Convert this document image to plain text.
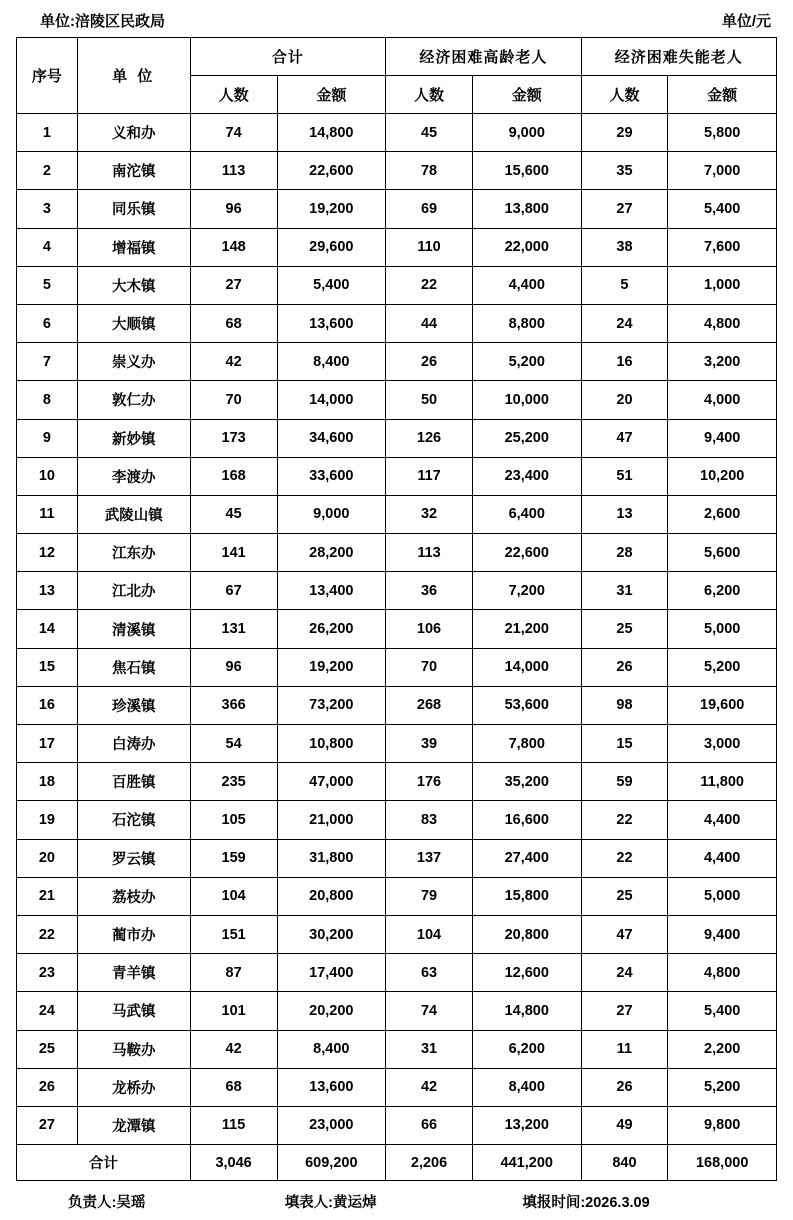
单位:涪陵区民政局	单位/元
序号	单 位	合计		经济困难高龄老人		经济困难失能老人	
		人数	金额	人数	金额	人数	金额
1	义和办	74	14,800	45	9,000	29	5,800
2	南沱镇	113	22,600	78	15,600	35	7,000
3	同乐镇	96	19,200	69	13,800	27	5,400
4	增福镇	148	29,600	110	22,000	38	7,600
5	大木镇	27	5,400	22	4,400	5	1,000
6	大顺镇	68	13,600	44	8,800	24	4,800
7	崇义办	42	8,400	26	5,200	16	3,200
8	敦仁办	70	14,000	50	10,000	20	4,000
9	新妙镇	173	34,600	126	25,200	47	9,400
10	李渡办	168	33,600	117	23,400	51	10,200
11	武陵山镇	45	9,000	32	6,400	13	2,600
12	江东办	141	28,200	113	22,600	28	5,600
13	江北办	67	13,400	36	7,200	31	6,200
14	清溪镇	131	26,200	106	21,200	25	5,000
15	焦石镇	96	19,200	70	14,000	26	5,200
16	珍溪镇	366	73,200	268	53,600	98	19,600
17	白涛办	54	10,800	39	7,800	15	3,000
18	百胜镇	235	47,000	176	35,200	59	11,800
19	石沱镇	105	21,000	83	16,600	22	4,400
20	罗云镇	159	31,800	137	27,400	22	4,400
21	荔枝办	104	20,800	79	15,800	25	5,000
22	蔺市办	151	30,200	104	20,800	47	9,400
23	青羊镇	87	17,400	63	12,600	24	4,800
24	马武镇	101	20,200	74	14,800	27	5,400
25	马鞍办	42	8,400	31	6,200	11	2,200
26	龙桥办	68	13,600	42	8,400	26	5,200
27	龙潭镇	115	23,000	66	13,200	49	9,800
合计		3,046	609,200	2,206	441,200	840	168,000
负责人:吴瑶	填表人:黄运焯	填报时间:2026.3.09
